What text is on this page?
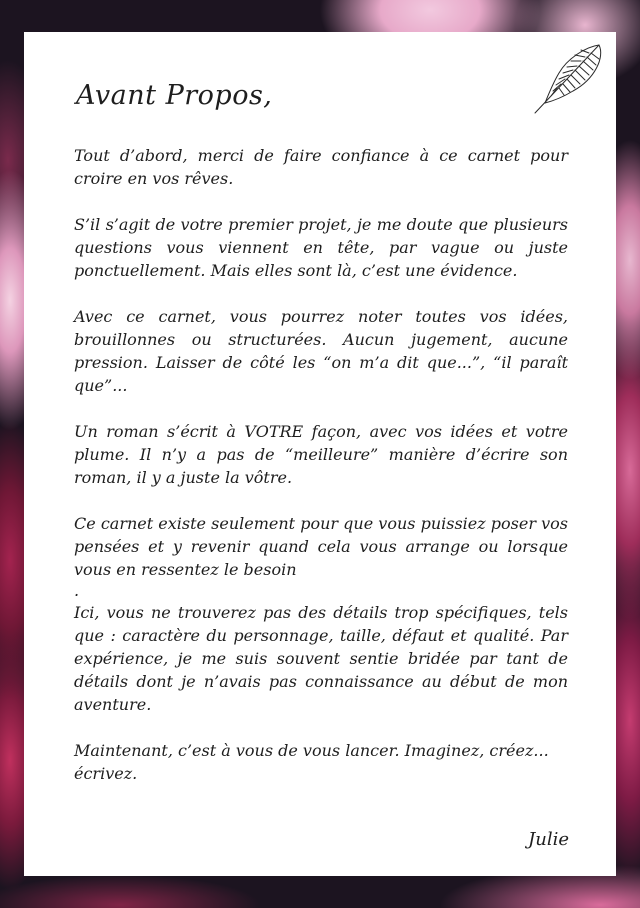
Avant Propos,

Tout d’abord, merci de faire confiance à ce carnet pour croire en vos rêves.

S’il s’agit de votre premier projet, je me doute que plusieurs questions vous viennent en tête, par vague ou juste ponctuellement. Mais elles sont là, c’est une évidence.

Avec ce carnet, vous pourrez noter toutes vos idées, brouillonnes ou structurées. Aucun jugement, aucune pression. Laisser de côté les “on m’a dit que...”, “il paraît que”...

Un roman s’écrit à VOTRE façon, avec vos idées et votre plume. Il n’y a pas de “meilleure” manière d’écrire son roman, il y a juste la vôtre.

Ce carnet existe seulement pour que vous puissiez poser vos pensées et y revenir quand cela vous arrange ou lorsque vous en ressentez le besoin

.

Ici, vous ne trouverez pas des détails trop spécifiques, tels que : caractère du personnage, taille, défaut et qualité. Par expérience, je me suis souvent sentie bridée par tant de détails dont je n’avais pas connaissance au début de mon aventure.

Maintenant, c’est à vous de vous lancer. Imaginez, créez... écrivez.

Julie
